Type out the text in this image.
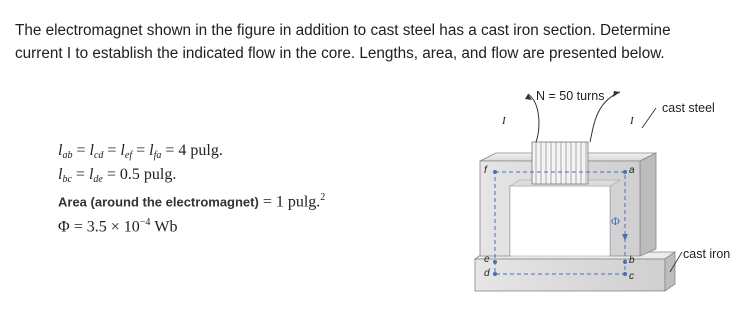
The electromagnet shown in the figure in addition to cast steel has a cast iron section. Determine
current I to establish the indicated flow in the core. Lengths, area, and flow are presented below.

$l_{ab} = l_{cd} = l_{ef} = l_{fa} = 4$ pulg.
$l_{bc} = l_{de} = 0.5$ pulg.
Area (around the electromagnet) = 1 pulg.$^2$
$\Phi = 3.5 \times 10^{-4}$ Wb
N = 50 turns
cast steel
cast iron
I	I
Φ
f	a
b
c
d
e
